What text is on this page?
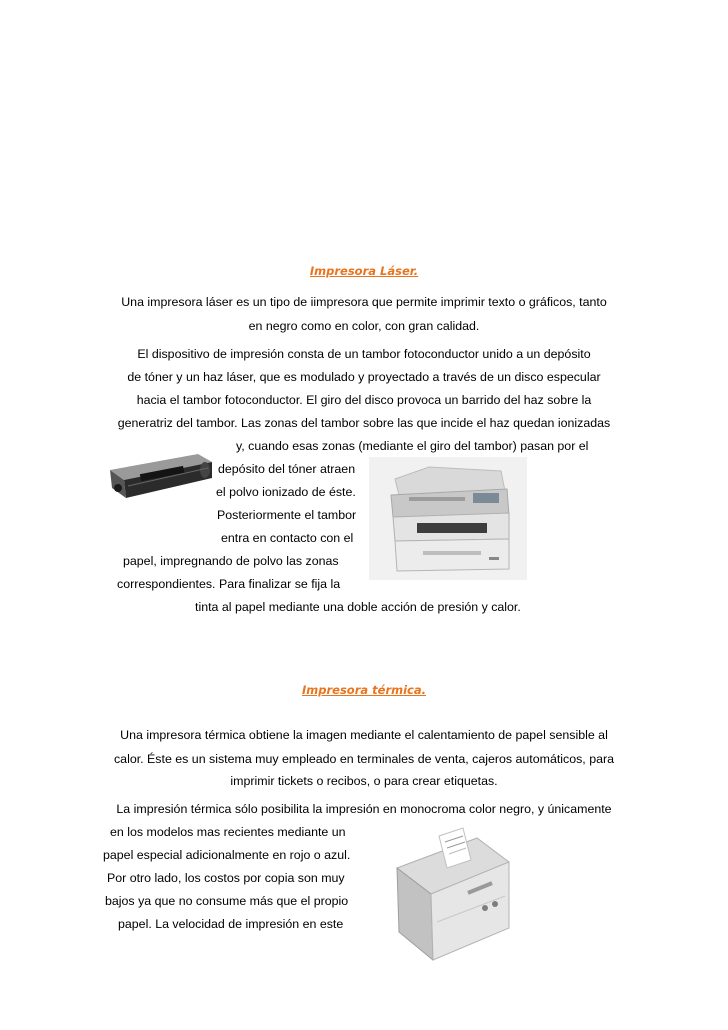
Impresora Láser.
Una impresora láser es un tipo de iimpresora que permite imprimir texto o gráficos, tanto
en negro como en color, con gran calidad.
El dispositivo de impresión consta de un tambor fotoconductor unido a un depósito
de tóner y un haz láser, que es modulado y proyectado a través de un disco especular
hacia el tambor fotoconductor. El giro del disco provoca un barrido del haz sobre la
generatriz del tambor. Las zonas del tambor sobre las que incide el haz quedan ionizadas
y, cuando esas zonas (mediante el giro del tambor) pasan por el
depósito del tóner atraen
el polvo ionizado de éste.
Posteriormente el tambor
entra en contacto con el
papel, impregnando de polvo las zonas
correspondientes. Para finalizar se fija la
tinta al papel mediante una doble acción de presión y calor.
Impresora térmica.
Una impresora térmica obtiene la imagen mediante el calentamiento de papel sensible al
calor. Éste es un sistema muy empleado en terminales de venta, cajeros automáticos, para
imprimir tickets o recibos, o para crear etiquetas.
La impresión térmica sólo posibilita la impresión en monocroma color negro, y únicamente
en los modelos mas recientes mediante un
papel especial adicionalmente en rojo o azul.
Por otro lado, los costos por copia son muy
bajos ya que no consume más que el propio
papel. La velocidad de impresión en este
